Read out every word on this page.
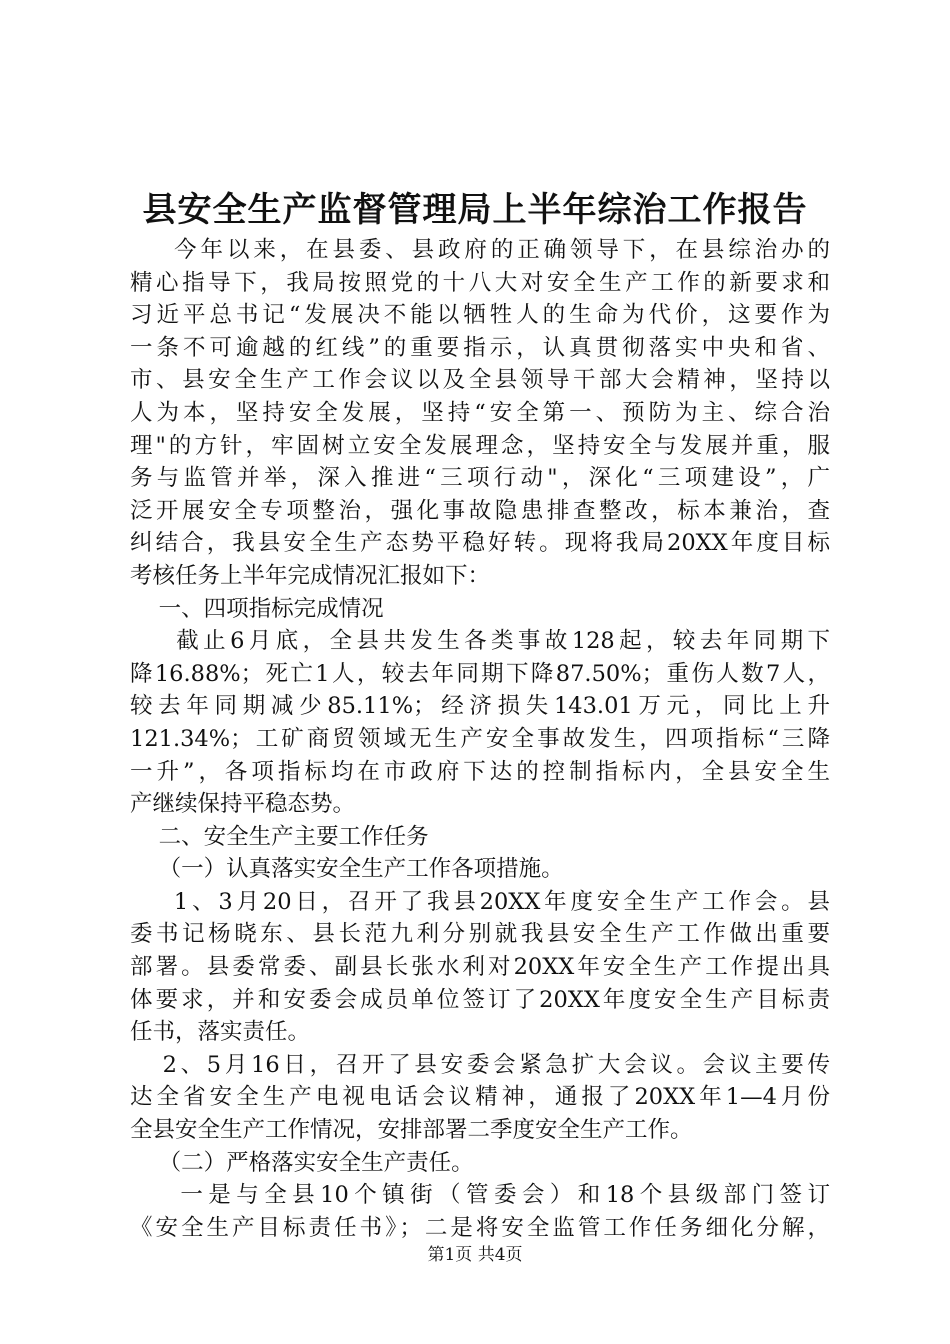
县安全生产监督管理局上半年综治工作报告
今年以来，在县委、县政府的正确领导下，在县综治办的
精心指导下，我局按照党的十八大对安全生产工作的新要求和
习近平总书记“发展决不能以牺牲人的生命为代价，这要作为
一条不可逾越的红线”的重要指示，认真贯彻落实中央和省、
市、县安全生产工作会议以及全县领导干部大会精神，坚持以
人为本，坚持安全发展，坚持“安全第一、预防为主、综合治
理"的方针，牢固树立安全发展理念，坚持安全与发展并重，服
务与监管并举，深入推进“三项行动"，深化“三项建设”，广
泛开展安全专项整治，强化事故隐患排查整改，标本兼治，查
纠结合，我县安全生产态势平稳好转。现将我局20XX年度目标
考核任务上半年完成情况汇报如下：
一、四项指标完成情况
截止6月底，全县共发生各类事故128起，较去年同期下
降16.88%；死亡1人，较去年同期下降87.50%；重伤人数7人，
较去年同期减少85.11%；经济损失143.01万元，同比上升
121.34%；工矿商贸领域无生产安全事故发生，四项指标“三降
一升”，各项指标均在市政府下达的控制指标内，全县安全生
产继续保持平稳态势。
二、安全生产主要工作任务
（一）认真落实安全生产工作各项措施。
1、3月20日，召开了我县20XX年度安全生产工作会。县
委书记杨晓东、县长范九利分别就我县安全生产工作做出重要
部署。县委常委、副县长张水利对20XX年安全生产工作提出具
体要求，并和安委会成员单位签订了20XX年度安全生产目标责
任书，落实责任。
2、5月16日，召开了县安委会紧急扩大会议。会议主要传
达全省安全生产电视电话会议精神，通报了20XX年1—4月份
全县安全生产工作情况，安排部署二季度安全生产工作。
（二）严格落实安全生产责任。
一是与全县10个镇街（管委会）和18个县级部门签订
《安全生产目标责任书》；二是将安全监管工作任务细化分解，
第1页 共4页
